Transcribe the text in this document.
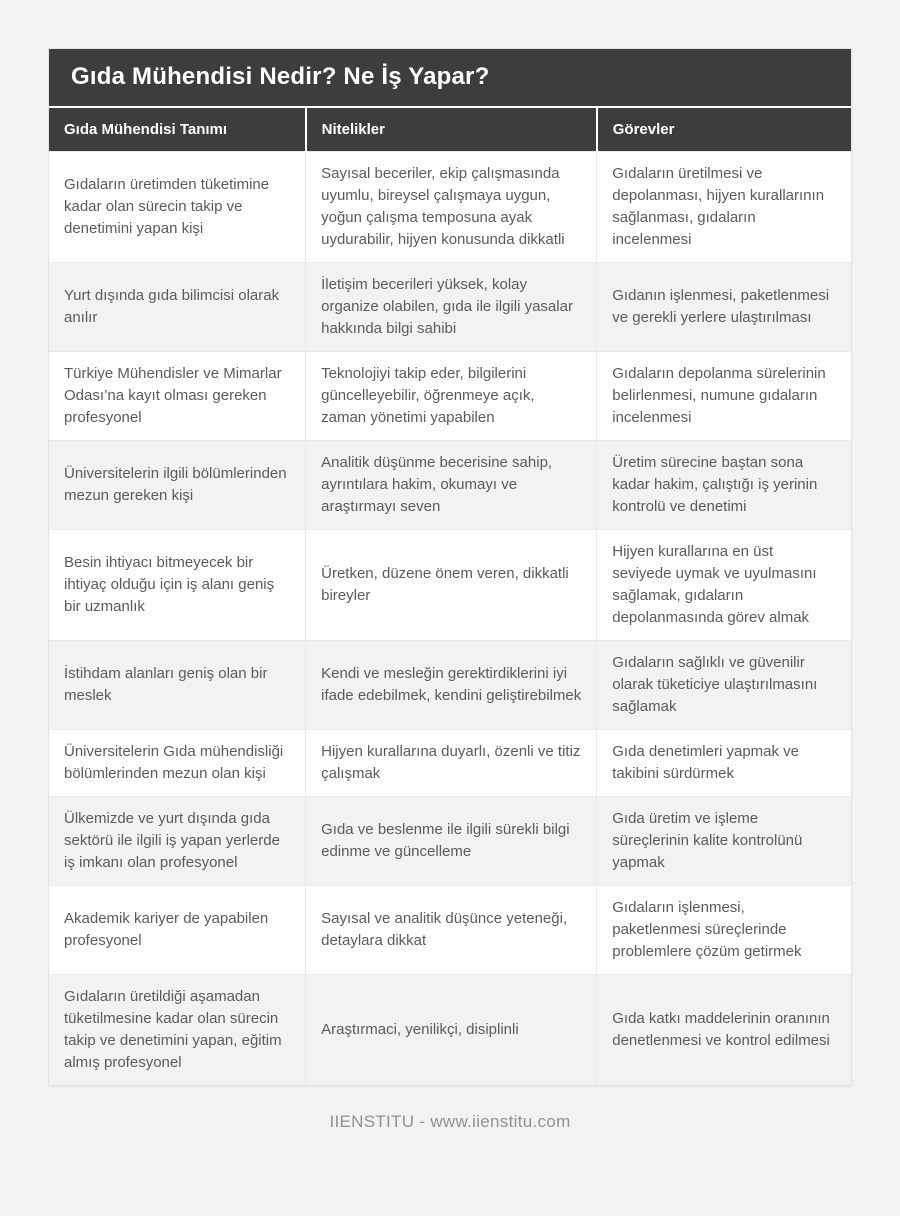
Gıda Mühendisi Nedir? Ne İş Yapar?
Gıda Mühendisi Tanımı	Nitelikler	Görevler
Gıdaların üretimden tüketimine kadar olan sürecin takip ve denetimini yapan kişi	Sayısal beceriler, ekip çalışmasında uyumlu, bireysel çalışmaya uygun, yoğun çalışma temposuna ayak uydurabilir, hijyen konusunda dikkatli	Gıdaların üretilmesi ve depolanması, hijyen kurallarının sağlanması, gıdaların incelenmesi
Yurt dışında gıda bilimcisi olarak anılır	İletişim becerileri yüksek, kolay organize olabilen, gıda ile ilgili yasalar hakkında bilgi sahibi	Gıdanın işlenmesi, paketlenmesi ve gerekli yerlere ulaştırılması
Türkiye Mühendisler ve Mimarlar Odası’na kayıt olması gereken profesyonel	Teknolojiyi takip eder, bilgilerini güncelleyebilir, öğrenmeye açık, zaman yönetimi yapabilen	Gıdaların depolanma sürelerinin belirlenmesi, numune gıdaların incelenmesi
Üniversitelerin ilgili bölümlerinden mezun gereken kişi	Analitik düşünme becerisine sahip, ayrıntılara hakim, okumayı ve araştırmayı seven	Üretim sürecine baştan sona kadar hakim, çalıştığı iş yerinin kontrolü ve denetimi
Besin ihtiyacı bitmeyecek bir ihtiyaç olduğu için iş alanı geniş bir uzmanlık	Üretken, düzene önem veren, dikkatli bireyler	Hijyen kurallarına en üst seviyede uymak ve uyulmasını sağlamak, gıdaların depolanmasında görev almak
İstihdam alanları geniş olan bir meslek	Kendi ve mesleğin gerektirdiklerini iyi ifade edebilmek, kendini geliştirebilmek	Gıdaların sağlıklı ve güvenilir olarak tüketiciye ulaştırılmasını sağlamak
Üniversitelerin Gıda mühendisliği bölümlerinden mezun olan kişi	Hijyen kurallarına duyarlı, özenli ve titiz çalışmak	Gıda denetimleri yapmak ve takibini sürdürmek
Ülkemizde ve yurt dışında gıda sektörü ile ilgili iş yapan yerlerde iş imkanı olan profesyonel	Gıda ve beslenme ile ilgili sürekli bilgi edinme ve güncelleme	Gıda üretim ve işleme süreçlerinin kalite kontrolünü yapmak
Akademik kariyer de yapabilen profesyonel	Sayısal ve analitik düşünce yeteneği, detaylara dikkat	Gıdaların işlenmesi, paketlenmesi süreçlerinde problemlere çözüm getirmek
Gıdaların üretildiği aşamadan tüketilmesine kadar olan sürecin takip ve denetimini yapan, eğitim almış profesyonel	Araştırmaci, yenilikçi, disiplinli	Gıda katkı maddelerinin oranının denetlenmesi ve kontrol edilmesi
IIENSTITU - www.iienstitu.com
